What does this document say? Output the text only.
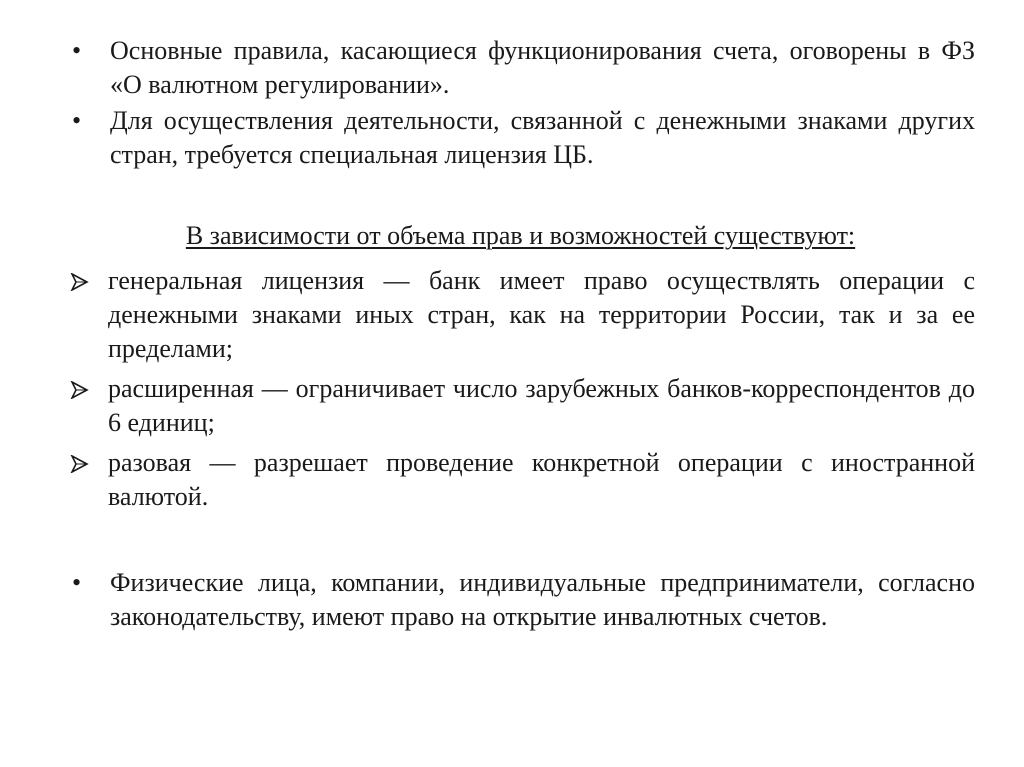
•	Основные правила, касающиеся функционирования счета, оговорены в ФЗ «О валютном регулировании».
•	Для осуществления деятельности, связанной с денежными знаками других стран, требуется специальная лицензия ЦБ.
В зависимости от объема прав и возможностей существуют:
генеральная лицензия — банк имеет право осуществлять операции с денежными знаками иных стран, как на территории России, так и за ее пределами;
расширенная — ограничивает число зарубежных банков-корреспондентов до 6 единиц;
разовая — разрешает проведение конкретной операции с иностранной валютой.
•	Физические лица, компании, индивидуальные предприниматели, согласно законодательству, имеют право на открытие инвалютных счетов.
